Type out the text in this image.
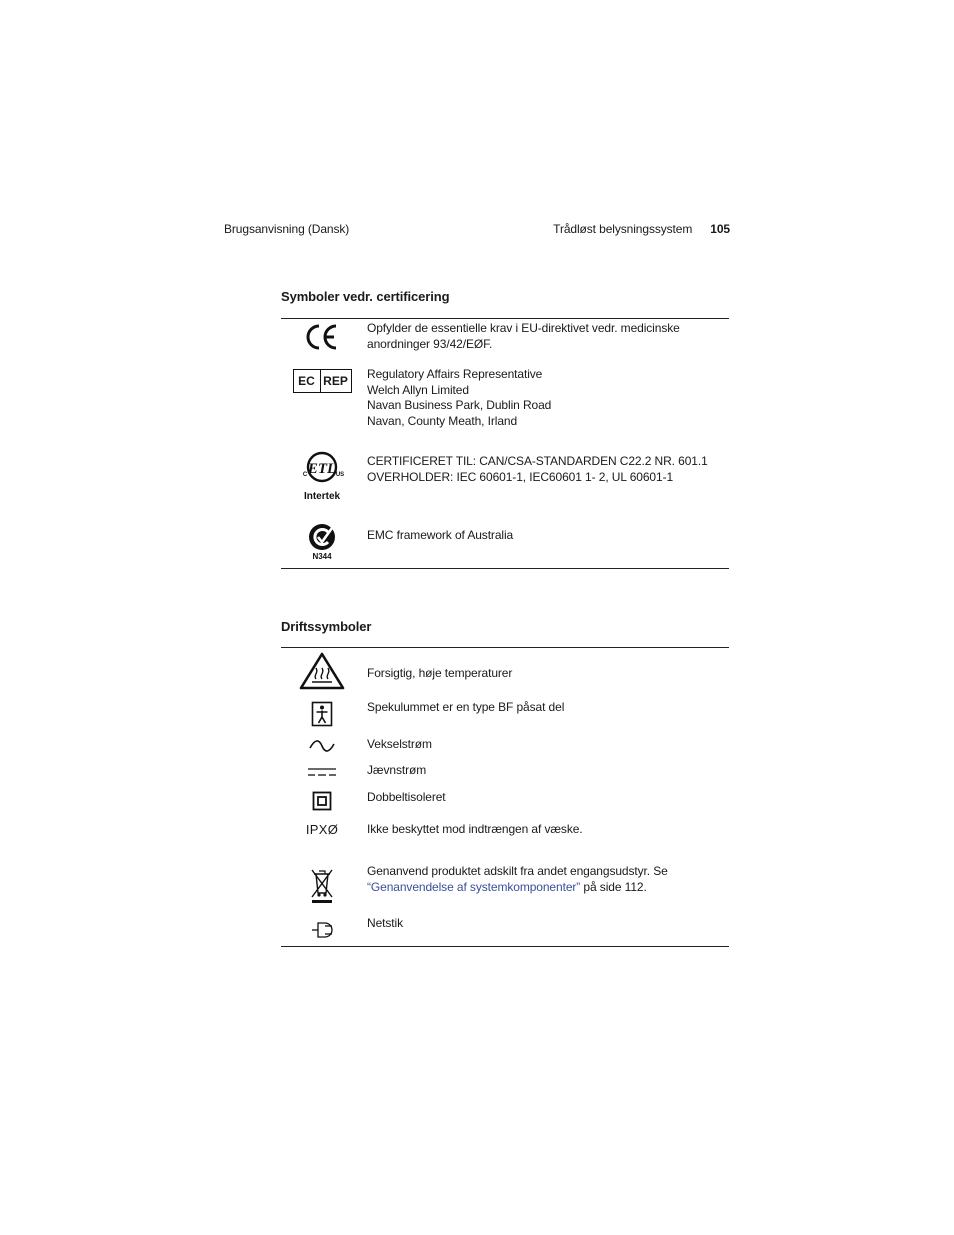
Brugsanvisning (Dansk)	Trådløst belysningssystem 105
Symboler vedr. certificering
Opfylder de essentielle krav i EU-direktivet vedr. medicinske
anordninger 93/42/EØF.
EC REP Regulatory Affairs Representative
Welch Allyn Limited
Navan Business Park, Dublin Road
Navan, County Meath, Irland
ETL
C	US
Intertek
CERTIFICERET TIL: CAN/CSA-STANDARDEN C22.2 NR. 601.1
OVERHOLDER: IEC 60601-1, IEC60601 1- 2, UL 60601-1
N344
EMC framework of Australia
Driftssymboler
Forsigtig, høje temperaturer
Spekulummet er en type BF påsat del
Vekselstrøm
Jævnstrøm
Dobbeltisoleret
IPXØ Ikke beskyttet mod indtrængen af væske.
Genanvend produktet adskilt fra andet engangsudstyr. Se
“Genanvendelse af systemkomponenter” på side 112.
Netstik
